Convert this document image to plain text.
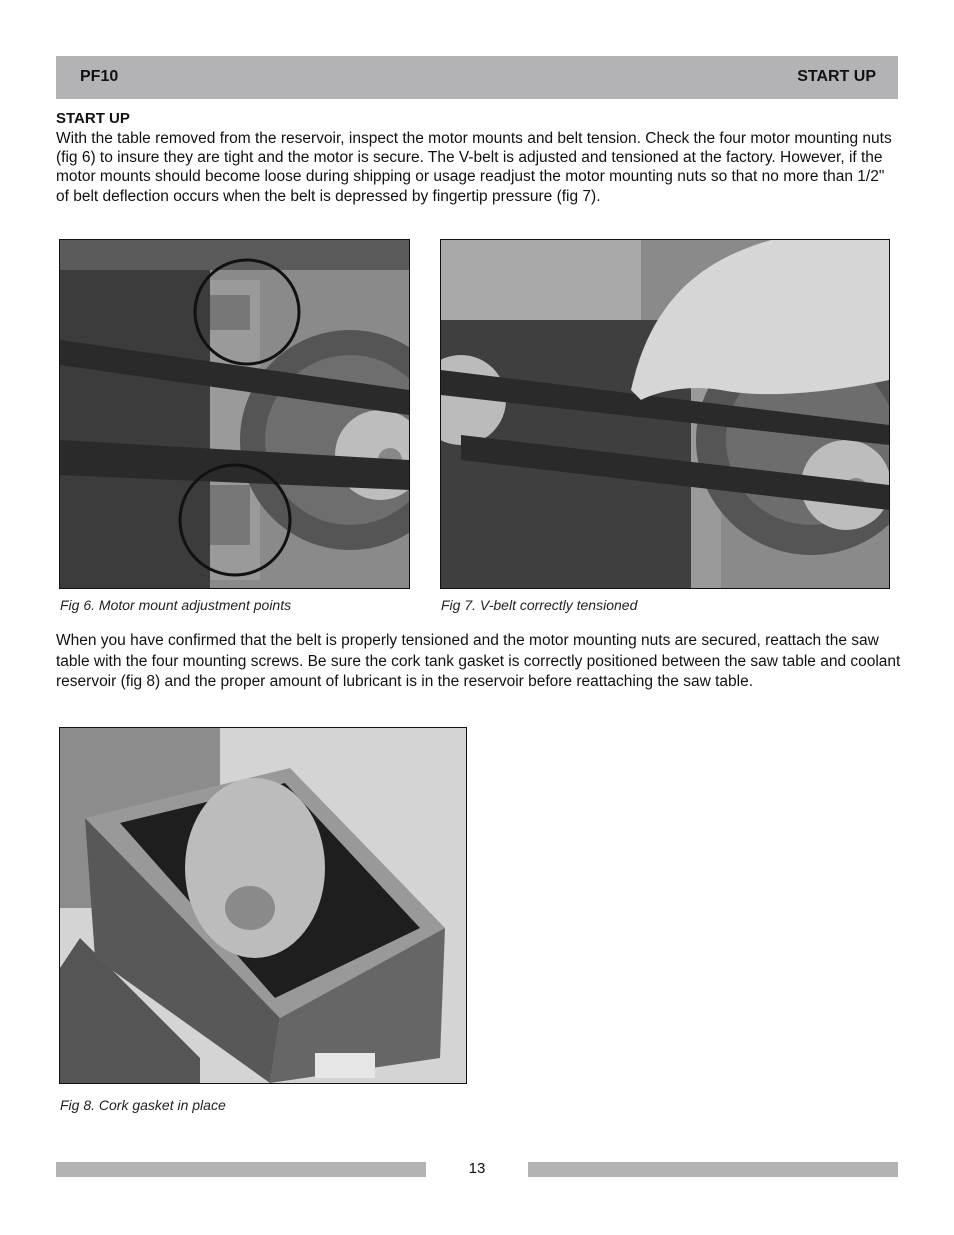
PF10	START UP
START UP

With the table removed from the reservoir, inspect the motor mounts and belt tension. Check the four motor mounting nuts (fig 6) to insure they are tight and the motor is secure. The V-belt is adjusted and tensioned at the factory. However, if the motor mounts should become loose during shipping or usage readjust the motor mounting nuts so that no more than 1/2" of belt deflection occurs when the belt is depressed by fingertip pressure (fig 7).

Fig 6. Motor mount adjustment points	Fig 7. V-belt correctly tensioned

When you have confirmed that the belt is properly tensioned and the motor mounting nuts are secured, reattach the saw table with the four mounting screws. Be sure the cork tank gasket is correctly positioned between the saw table and coolant reservoir (fig 8) and the proper amount of lubricant is in the reservoir before reattaching the saw table.

Fig 8. Cork gasket in place
13
